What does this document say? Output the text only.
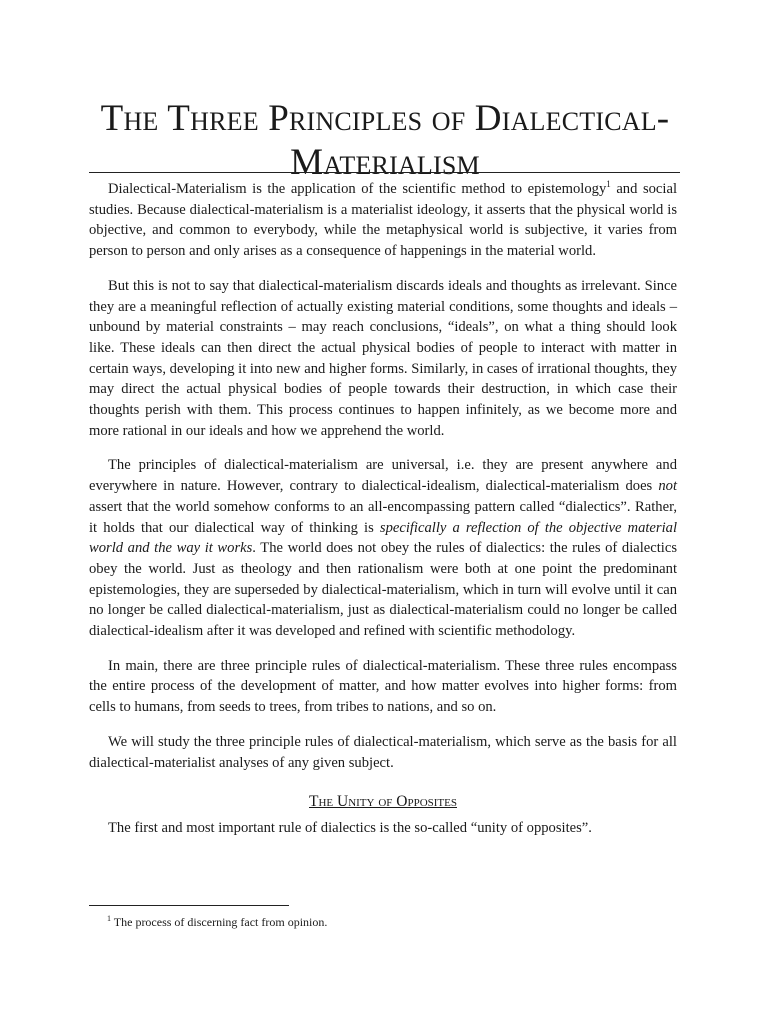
The Three Principles of Dialectical-Materialism

Dialectical-Materialism is the application of the scientific method to epistemology$^1$ and social studies. Because dialectical-materialism is a materialist ideology, it asserts that the physical world is objective, and common to everybody, while the metaphysical world is subjective, it varies from person to person and only arises as a consequence of happenings in the material world.

But this is not to say that dialectical-materialism discards ideals and thoughts as irrelevant. Since they are a meaningful reflection of actually existing material conditions, some thoughts and ideals – unbound by material constraints – may reach conclusions, “ideals”, on what a thing should look like. These ideals can then direct the actual physical bodies of people to interact with matter in certain ways, developing it into new and higher forms. Similarly, in cases of irrational thoughts, they may direct the actual physical bodies of people towards their destruction, in which case their thoughts perish with them. This process continues to happen infinitely, as we become more and more rational in our ideals and how we apprehend the world.

The principles of dialectical-materialism are universal, i.e. they are present anywhere and everywhere in nature. However, contrary to dialectical-idealism, dialectical-materialism does not assert that the world somehow conforms to an all-encompassing pattern called “dialectics”. Rather, it holds that our dialectical way of thinking is specifically a reflection of the objective material world and the way it works. The world does not obey the rules of dialectics: the rules of dialectics obey the world. Just as theology and then rationalism were both at one point the predominant epistemologies, they are superseded by dialectical-materialism, which in turn will evolve until it can no longer be called dialectical-materialism, just as dialectical-materialism could no longer be called dialectical-idealism after it was developed and refined with scientific methodology.

In main, there are three principle rules of dialectical-materialism. These three rules encompass the entire process of the development of matter, and how matter evolves into higher forms: from cells to humans, from seeds to trees, from tribes to nations, and so on.

We will study the three principle rules of dialectical-materialism, which serve as the basis for all dialectical-materialist analyses of any given subject.

The Unity of Opposites

The first and most important rule of dialectics is the so-called “unity of opposites”.

$^1$ The process of discerning fact from opinion.
